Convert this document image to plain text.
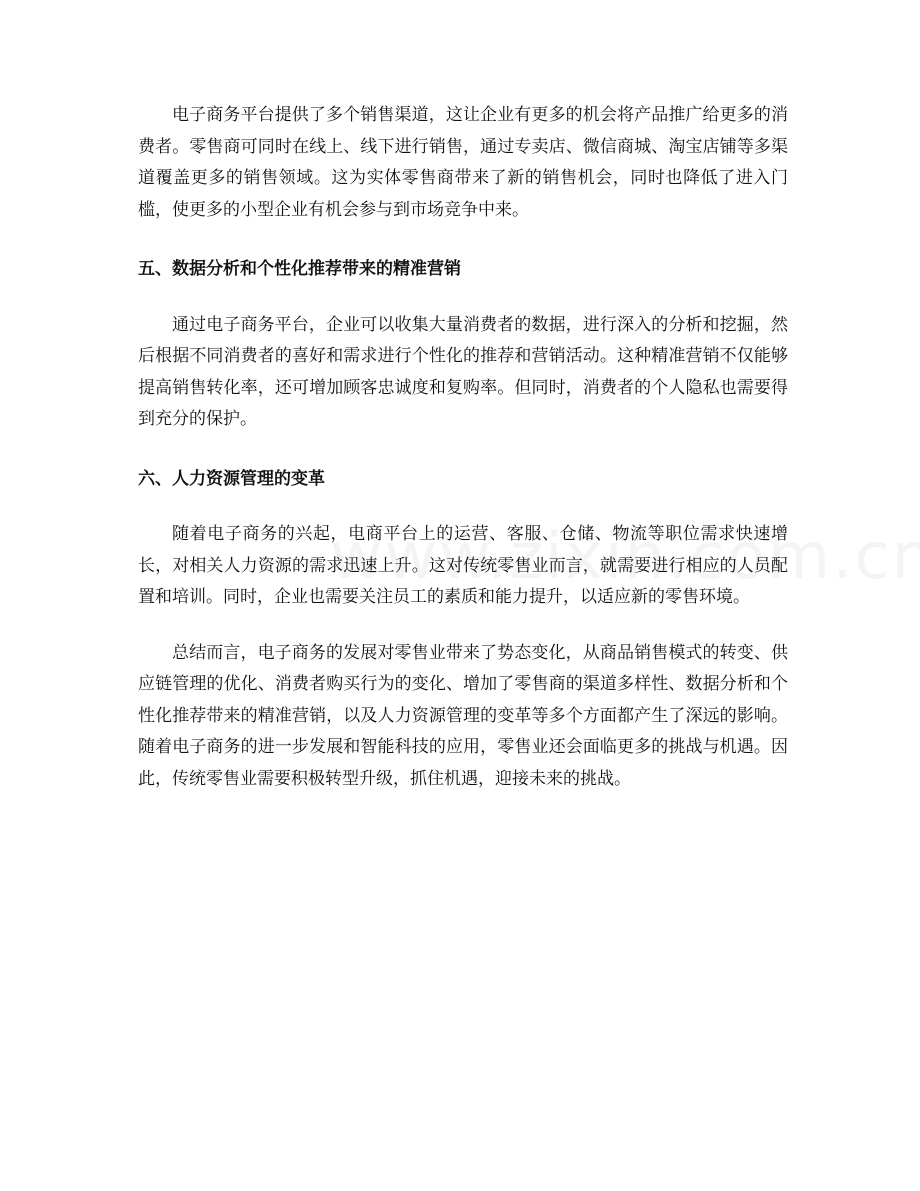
电子商务平台提供了多个销售渠道，这让企业有更多的机会将产品推广给更多的消费者。零售商可同时在线上、线下进行销售，通过专卖店、微信商城、淘宝店铺等多渠道覆盖更多的销售领域。这为实体零售商带来了新的销售机会，同时也降低了进入门槛，使更多的小型企业有机会参与到市场竞争中来。

五、数据分析和个性化推荐带来的精准营销

通过电子商务平台，企业可以收集大量消费者的数据，进行深入的分析和挖掘，然后根据不同消费者的喜好和需求进行个性化的推荐和营销活动。这种精准营销不仅能够提高销售转化率，还可增加顾客忠诚度和复购率。但同时，消费者的个人隐私也需要得到充分的保护。

六、人力资源管理的变革

随着电子商务的兴起，电商平台上的运营、客服、仓储、物流等职位需求快速增长，对相关人力资源的需求迅速上升。这对传统零售业而言，就需要进行相应的人员配置和培训。同时，企业也需要关注员工的素质和能力提升，以适应新的零售环境。

总结而言，电子商务的发展对零售业带来了势态变化，从商品销售模式的转变、供应链管理的优化、消费者购买行为的变化、增加了零售商的渠道多样性、数据分析和个性化推荐带来的精准营销，以及人力资源管理的变革等多个方面都产生了深远的影响。随着电子商务的进一步发展和智能科技的应用，零售业还会面临更多的挑战与机遇。因此，传统零售业需要积极转型升级，抓住机遇，迎接未来的挑战。
